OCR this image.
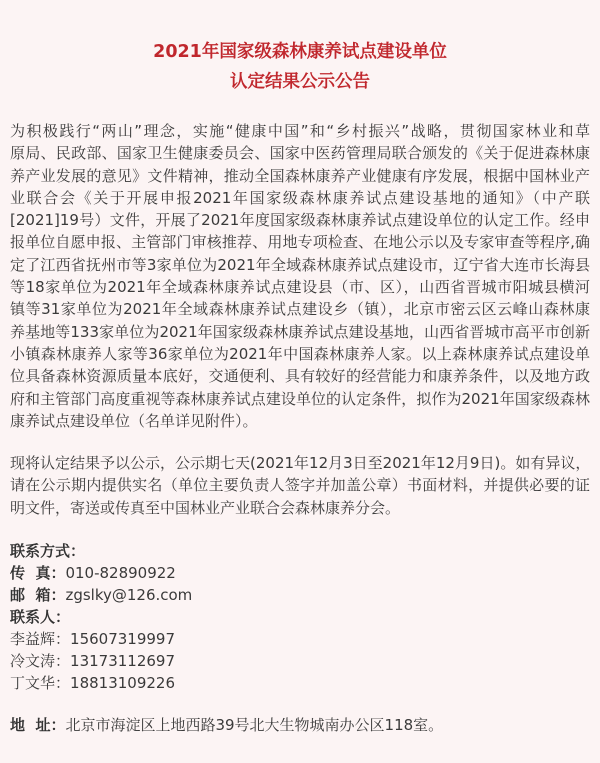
2021年国家级森林康养试点建设单位
认定结果公示公告
为积极践行“两山”理念，实施“健康中国”和“乡村振兴”战略，贯彻国家林业和草
原局、民政部、国家卫生健康委员会、国家中医药管理局联合颁发的《关于促进森林康
养产业发展的意见》文件精神，推动全国森林康养产业健康有序发展，根据中国林业产
业联合会《关于开展申报2021年国家级森林康养试点建设基地的通知》（中产联
[2021]19号）文件，开展了2021年度国家级森林康养试点建设单位的认定工作。经申
报单位自愿申报、主管部门审核推荐、用地专项检查、在地公示以及专家审查等程序,确
定了江西省抚州市等3家单位为2021年全域森林康养试点建设市，辽宁省大连市长海县
等18家单位为2021年全域森林康养试点建设县（市、区），山西省晋城市阳城县横河
镇等31家单位为2021年全域森林康养试点建设乡（镇），北京市密云区云峰山森林康
养基地等133家单位为2021年国家级森林康养试点建设基地，山西省晋城市高平市创新
小镇森林康养人家等36家单位为2021年中国森林康养人家。以上森林康养试点建设单
位具备森林资源质量本底好，交通便利、具有较好的经营能力和康养条件，以及地方政
府和主管部门高度重视等森林康养试点建设单位的认定条件，拟作为2021年国家级森林
康养试点建设单位（名单详见附件）。
现将认定结果予以公示，公示期七天(2021年12月3日至2021年12月9日)。如有异议，
请在公示期内提供实名（单位主要负责人签字并加盖公章）书面材料，并提供必要的证
明文件，寄送或传真至中国林业产业联合会森林康养分会。
联系方式：
传  真：010-82890922
邮  箱：zgslky@126.com
联系人：
李益辉：15607319997
冷文涛：13173112697
丁文华：18813109226
地  址：北京市海淀区上地西路39号北大生物城南办公区118室。
